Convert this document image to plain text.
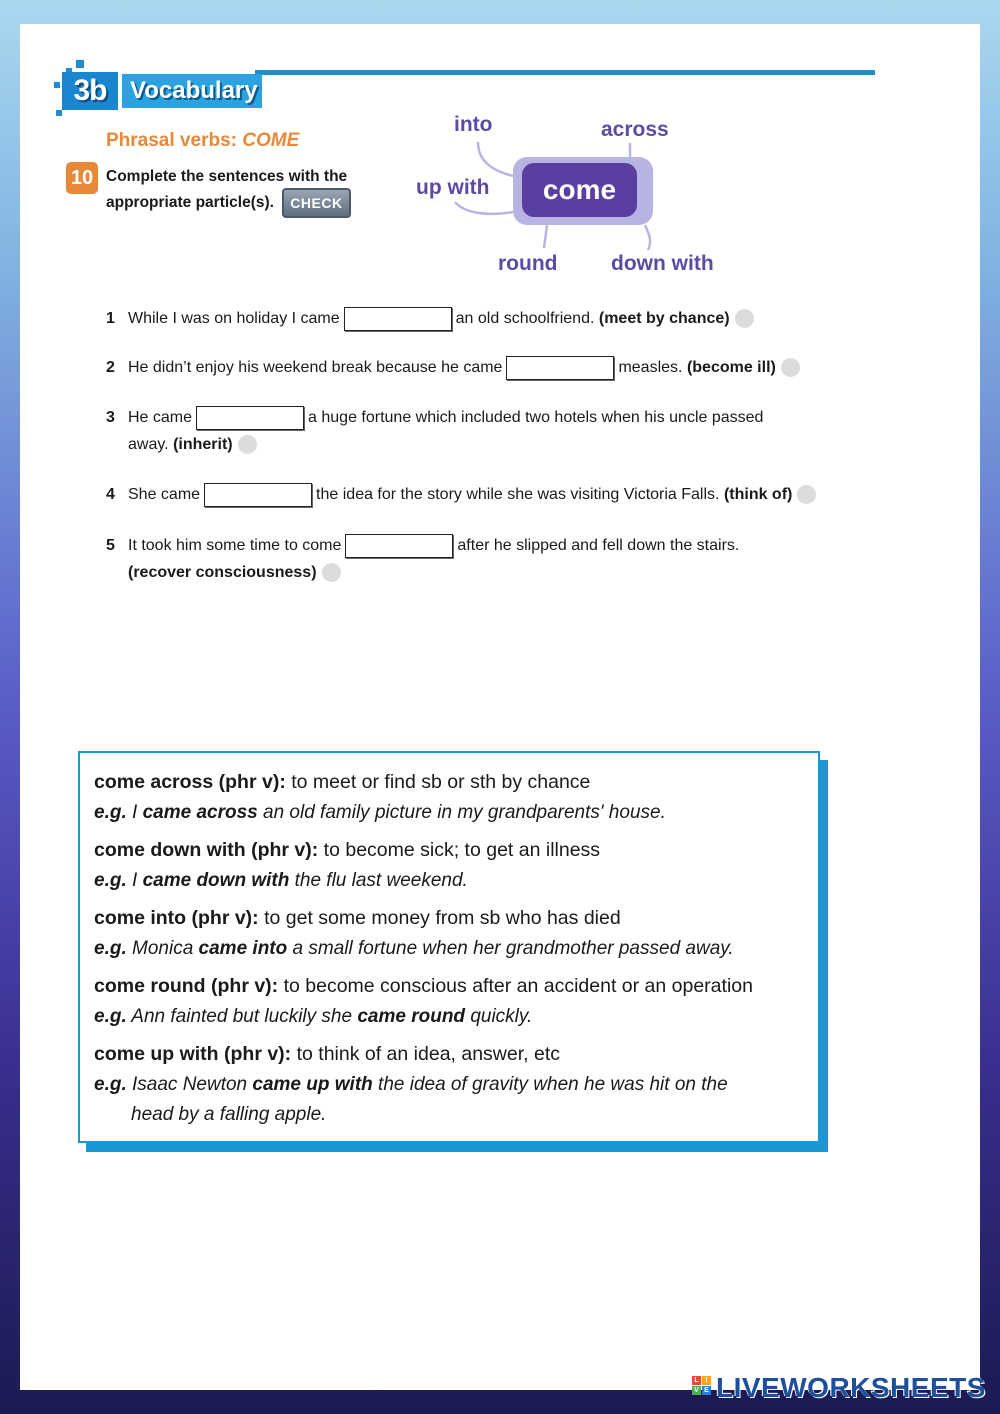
3b Vocabulary
Phrasal verbs: COME
10 Complete the sentences with the appropriate particle(s). CHECK	come
into	across
up with
round	down with
1 While I was on holiday I came	an old schoolfriend. (meet by chance)
2 He didn’t enjoy his weekend break because he came	measles. (become ill)
3 He came	a huge fortune which included two hotels when his uncle passed
away. (inherit)
4 She came	the idea for the story while she was visiting Victoria Falls. (think of)
5 It took him some time to come	after he slipped and fell down the stairs.
(recover consciousness)
come across (phr v): to meet or find sb or sth by chance
e.g. I came across an old family picture in my grandparents' house.
come down with (phr v): to become sick; to get an illness
e.g. I came down with the flu last weekend.
come into (phr v): to get some money from sb who has died
e.g. Monica came into a small fortune when her grandmother passed away.
come round (phr v): to become conscious after an accident or an operation
e.g. Ann fainted but luckily she came round quickly.
come up with (phr v): to think of an idea, answer, etc
e.g. Isaac Newton came up with the idea of gravity when he was hit on the
head by a falling apple.
L I
V E LIVEWORKSHEETS
